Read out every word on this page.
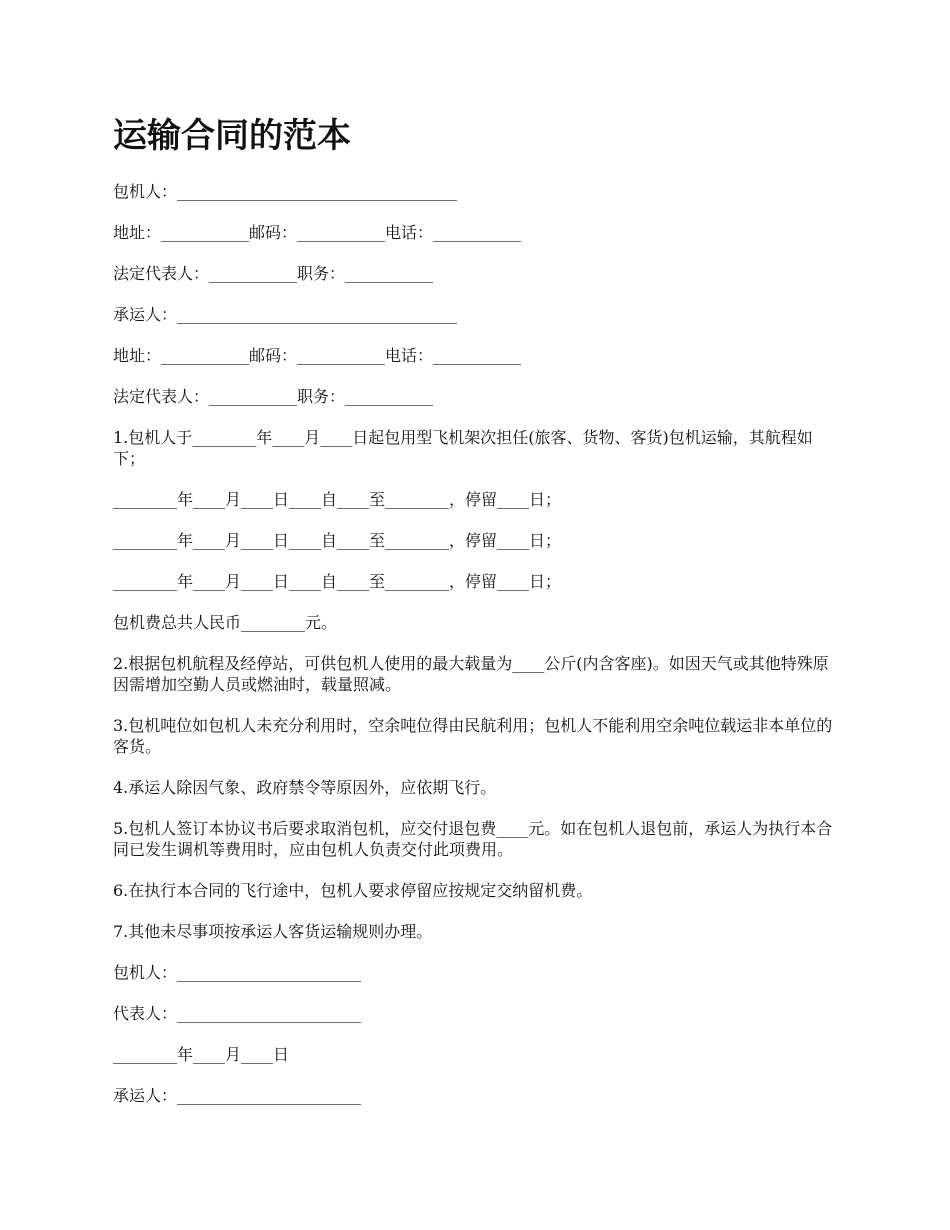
运输合同的范本

包机人：___________________________________

地址：___________邮码：___________电话：___________

法定代表人：___________职务：___________

承运人：___________________________________

地址：___________邮码：___________电话：___________

法定代表人：___________职务：___________

1.包机人于________年____月____日起包用型飞机架次担任(旅客、货物、客货)包机运输，其航程如下；

________年____月____日____自____至________，停留____日；

________年____月____日____自____至________，停留____日；

________年____月____日____自____至________，停留____日；

包机费总共人民币________元。

2.根据包机航程及经停站，可供包机人使用的最大载量为____公斤(内含客座)。如因天气或其他特殊原因需增加空勤人员或燃油时，载量照减。

3.包机吨位如包机人未充分利用时，空余吨位得由民航利用；包机人不能利用空余吨位载运非本单位的客货。

4.承运人除因气象、政府禁令等原因外，应依期飞行。

5.包机人签订本协议书后要求取消包机，应交付退包费____元。如在包机人退包前，承运人为执行本合同已发生调机等费用时，应由包机人负责交付此项费用。

6.在执行本合同的飞行途中，包机人要求停留应按规定交纳留机费。

7.其他未尽事项按承运人客货运输规则办理。

包机人：_______________________

代表人：_______________________

________年____月____日

承运人：_______________________
